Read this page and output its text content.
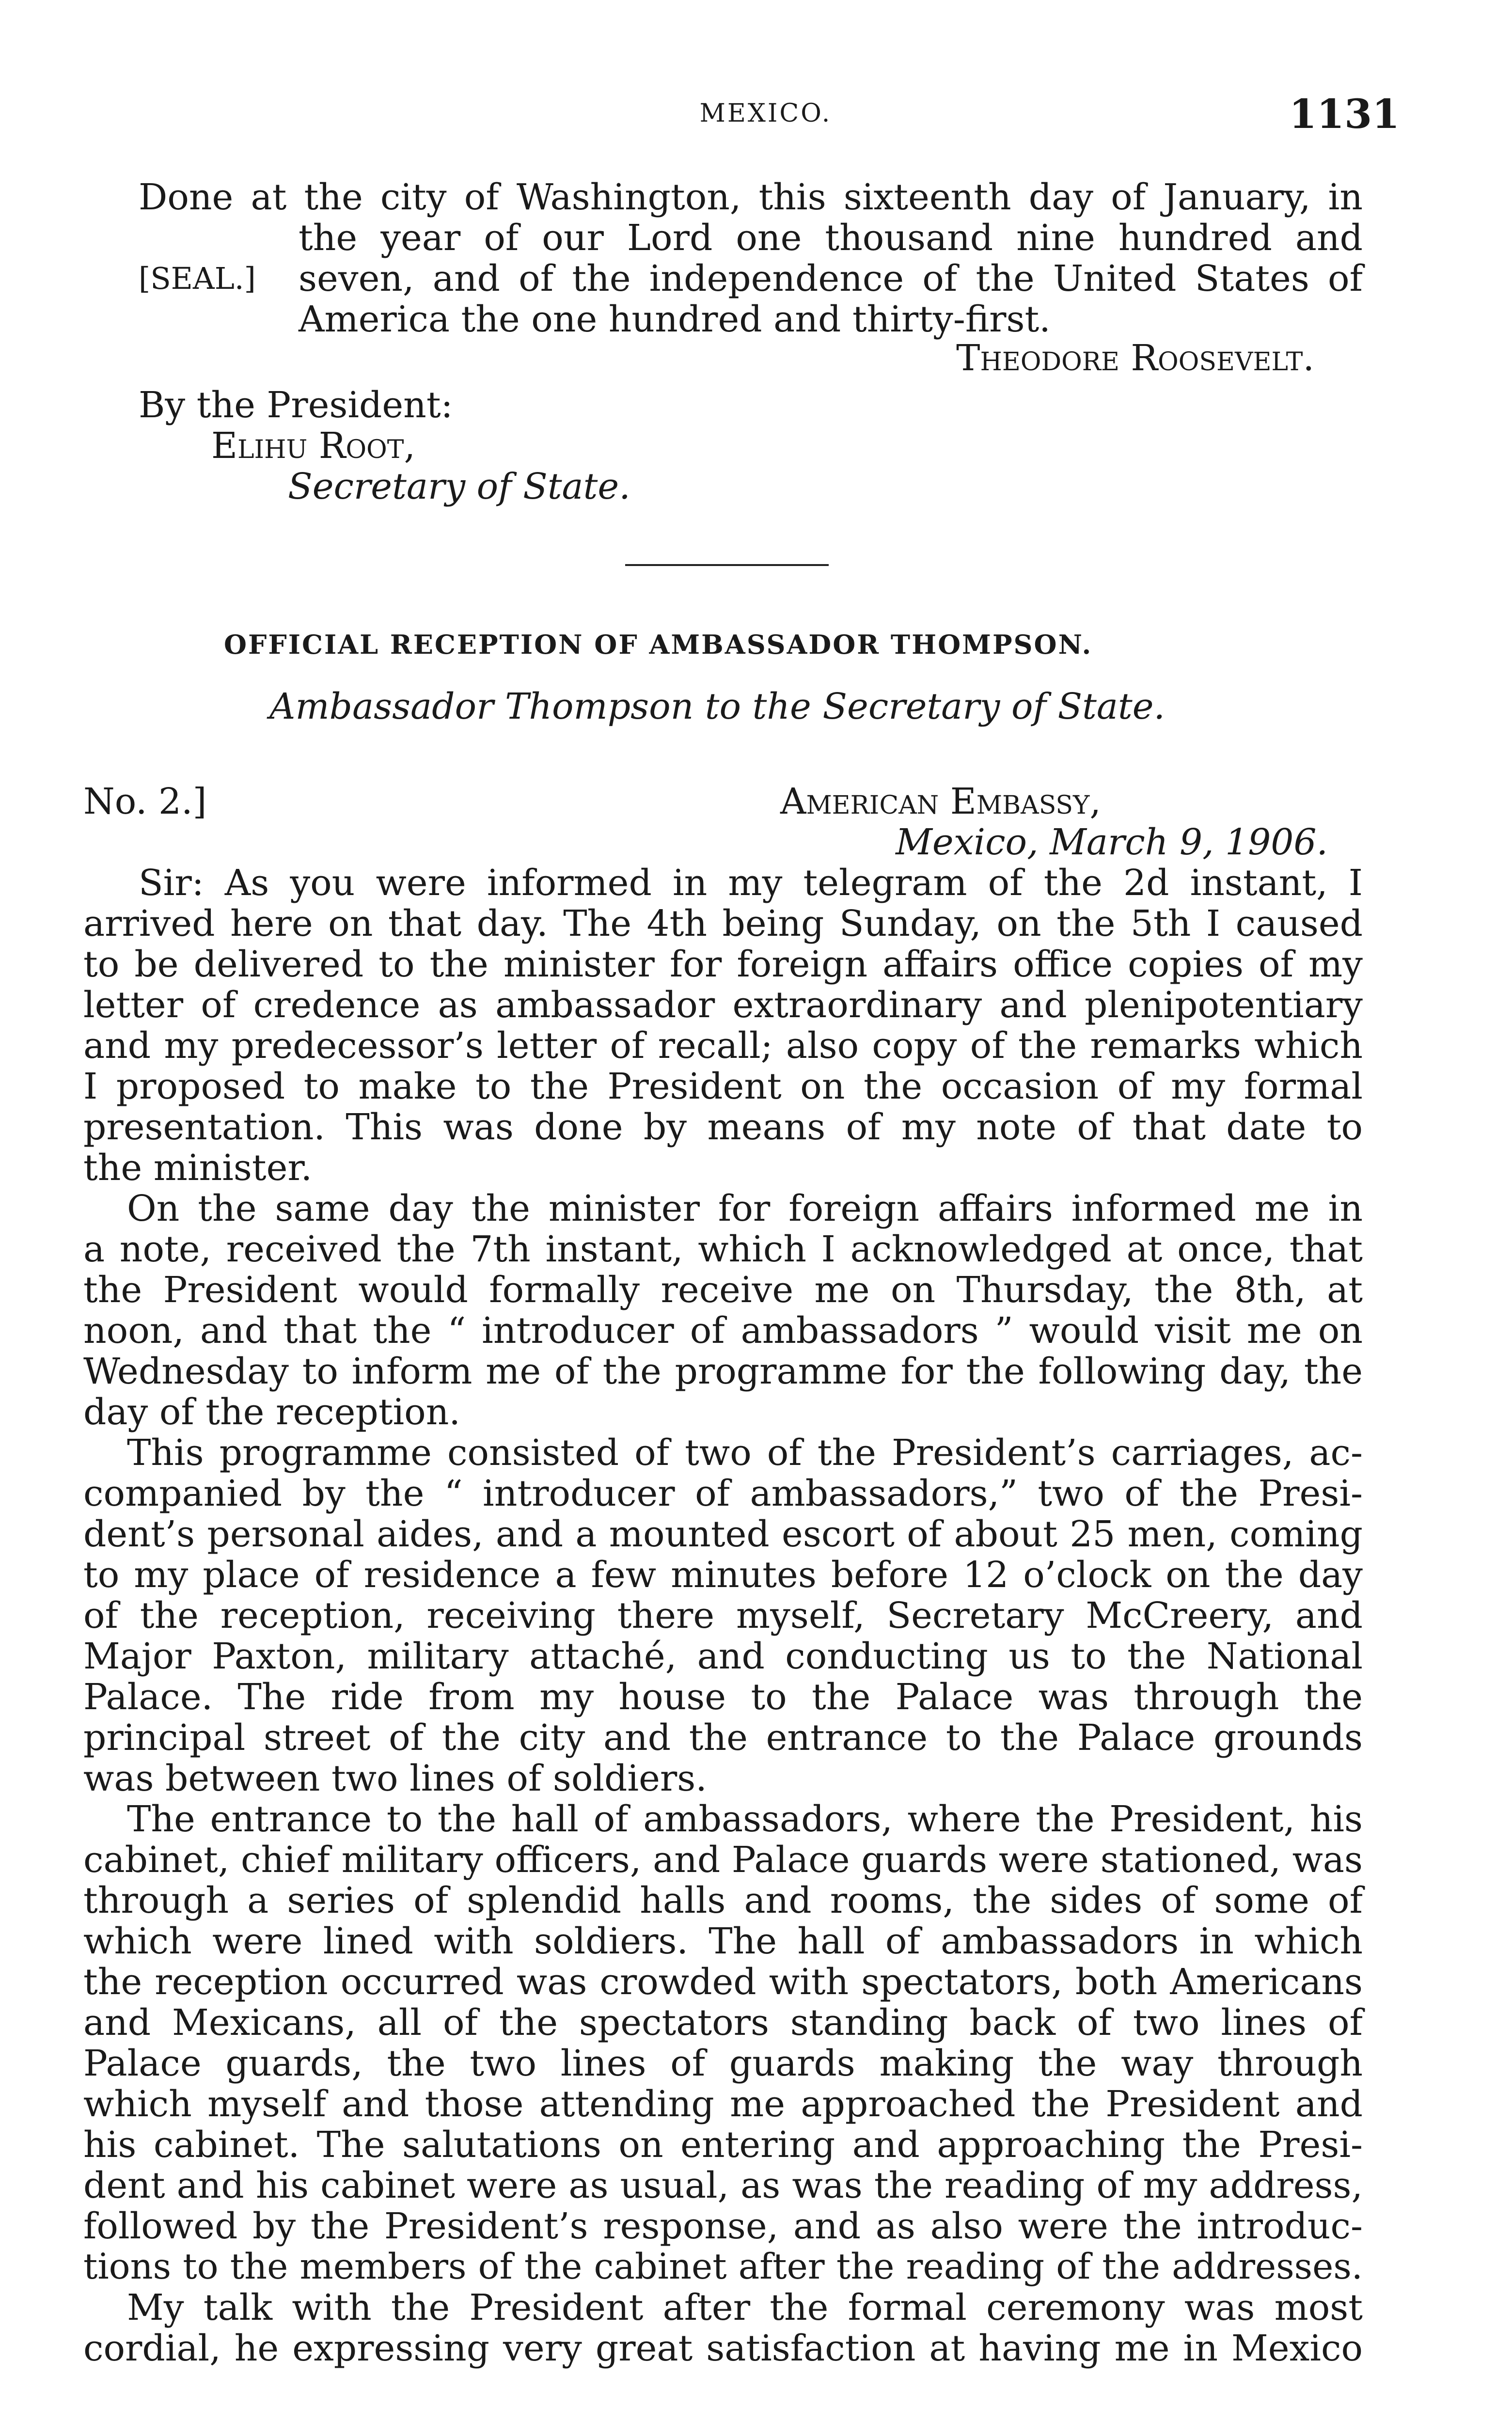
MEXICO.	1131
Done at the city of Washington, this sixteenth day of January, in
the year of our Lord one thousand nine hundred and
[SEAL.]	seven, and of the independence of the United States of
America the one hundred and thirty-first.
Theodore Roosevelt.
By the President:
Elihu Root,
Secretary of State.
OFFICIAL RECEPTION OF AMBASSADOR THOMPSON.
Ambassador Thompson to the Secretary of State.
No. 2.]	American Embassy,
Mexico, March 9, 1906.
Sir: As you were informed in my telegram of the 2d instant, I
arrived here on that day. The 4th being Sunday, on the 5th I caused
to be delivered to the minister for foreign affairs office copies of my
letter of credence as ambassador extraordinary and plenipotentiary
and my predecessor’s letter of recall; also copy of the remarks which
I proposed to make to the President on the occasion of my formal
presentation. This was done by means of my note of that date to
the minister.
On the same day the minister for foreign affairs informed me in
a note, received the 7th instant, which I acknowledged at once, that
the President would formally receive me on Thursday, the 8th, at
noon, and that the “ introducer of ambassadors ” would visit me on
Wednesday to inform me of the programme for the following day, the
day of the reception.
This programme consisted of two of the President’s carriages, ac-
companied by the “ introducer of ambassadors,” two of the Presi-
dent’s personal aides, and a mounted escort of about 25 men, coming
to my place of residence a few minutes before 12 o’clock on the day
of the reception, receiving there myself, Secretary McCreery, and
Major Paxton, military attaché, and conducting us to the National
Palace. The ride from my house to the Palace was through the
principal street of the city and the entrance to the Palace grounds
was between two lines of soldiers.
The entrance to the hall of ambassadors, where the President, his
cabinet, chief military officers, and Palace guards were stationed, was
through a series of splendid halls and rooms, the sides of some of
which were lined with soldiers. The hall of ambassadors in which
the reception occurred was crowded with spectators, both Americans
and Mexicans, all of the spectators standing back of two lines of
Palace guards, the two lines of guards making the way through
which myself and those attending me approached the President and
his cabinet. The salutations on entering and approaching the Presi-
dent and his cabinet were as usual, as was the reading of my address,
followed by the President’s response, and as also were the introduc-
tions to the members of the cabinet after the reading of the addresses.
My talk with the President after the formal ceremony was most
cordial, he expressing very great satisfaction at having me in Mexico
